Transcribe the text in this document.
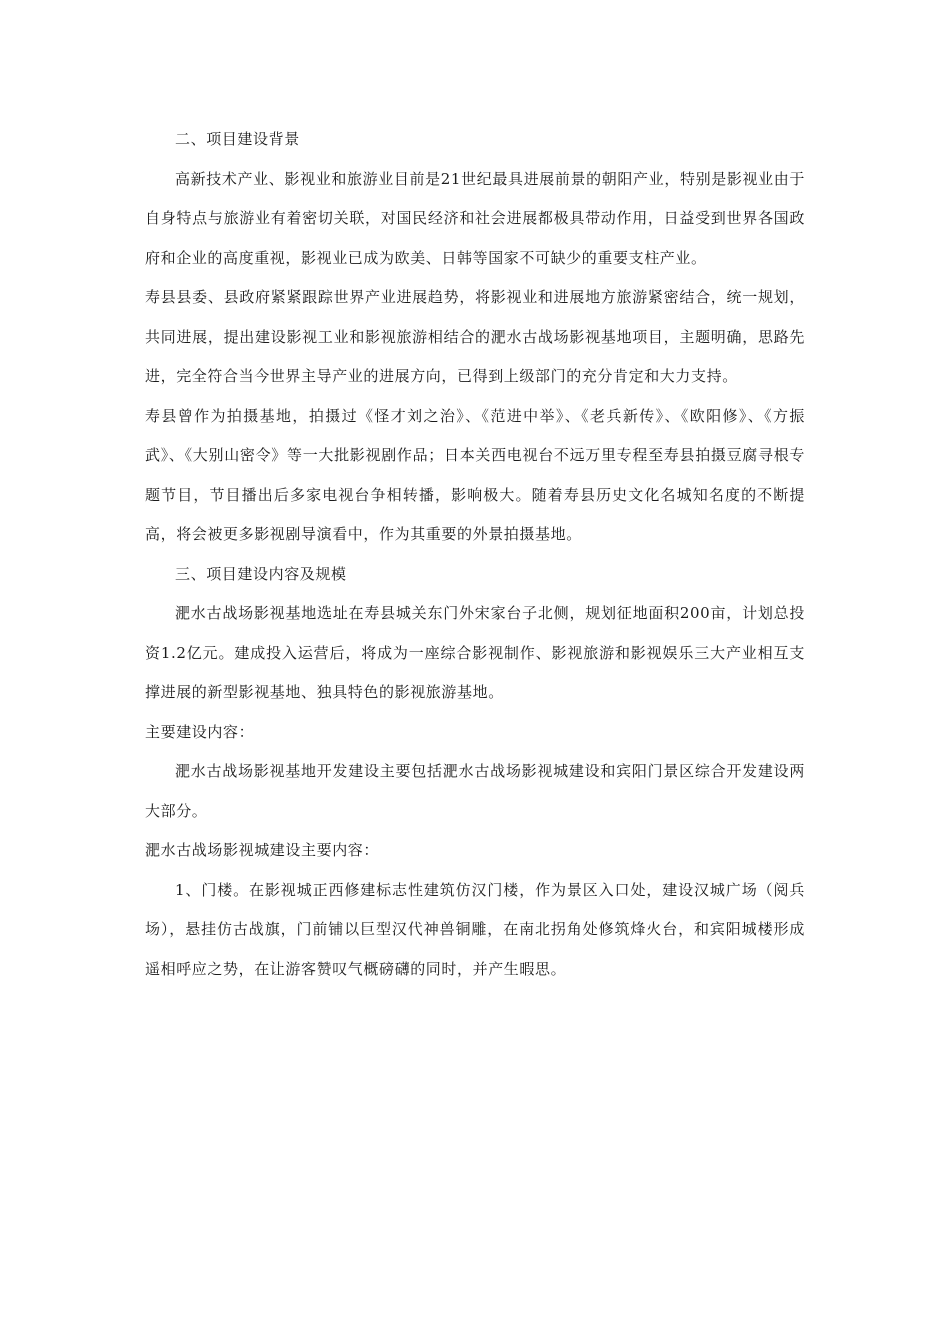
二、项目建设背景

高新技术产业、影视业和旅游业目前是21世纪最具进展前景的朝阳产业，特别是影视业由于自身特点与旅游业有着密切关联，对国民经济和社会进展都极具带动作用，日益受到世界各国政府和企业的高度重视，影视业已成为欧美、日韩等国家不可缺少的重要支柱产业。

寿县县委、县政府紧紧跟踪世界产业进展趋势，将影视业和进展地方旅游紧密结合，统一规划，共同进展，提出建设影视工业和影视旅游相结合的淝水古战场影视基地项目，主题明确，思路先进，完全符合当今世界主导产业的进展方向，已得到上级部门的充分肯定和大力支持。

寿县曾作为拍摄基地，拍摄过《怪才刘之治》、《范进中举》、《老兵新传》、《欧阳修》、《方振武》、《大别山密令》等一大批影视剧作品；日本关西电视台不远万里专程至寿县拍摄豆腐寻根专题节目，节目播出后多家电视台争相转播，影响极大。随着寿县历史文化名城知名度的不断提高，将会被更多影视剧导演看中，作为其重要的外景拍摄基地。

三、项目建设内容及规模

淝水古战场影视基地选址在寿县城关东门外宋家台子北侧，规划征地面积200亩，计划总投资1.2亿元。建成投入运营后，将成为一座综合影视制作、影视旅游和影视娱乐三大产业相互支撑进展的新型影视基地、独具特色的影视旅游基地。

主要建设内容：

淝水古战场影视基地开发建设主要包括淝水古战场影视城建设和宾阳门景区综合开发建设两大部分。

淝水古战场影视城建设主要内容：

1、门楼。在影视城正西修建标志性建筑仿汉门楼，作为景区入口处，建设汉城广场（阅兵场），悬挂仿古战旗，门前铺以巨型汉代神兽铜雕，在南北拐角处修筑烽火台，和宾阳城楼形成遥相呼应之势，在让游客赞叹气概磅礴的同时，并产生暇思。
